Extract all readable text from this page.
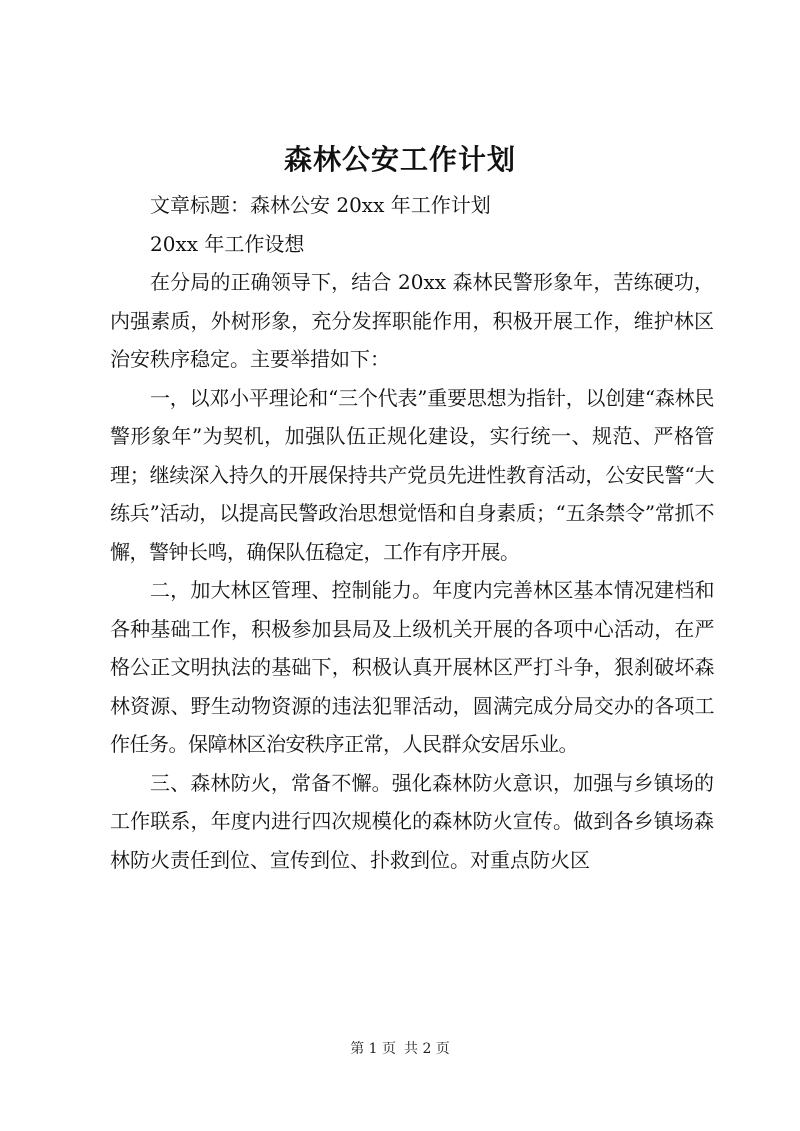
森林公安工作计划

文章标题：森林公安 20xx 年工作计划

20xx 年工作设想

在分局的正确领导下，结合 20xx 森林民警形象年，苦练硬功，内强素质，外树形象，充分发挥职能作用，积极开展工作，维护林区治安秩序稳定。主要举措如下：

一，以邓小平理论和“三个代表”重要思想为指针，以创建“森林民警形象年”为契机，加强队伍正规化建设，实行统一、规范、严格管理；继续深入持久的开展保持共产党员先进性教育活动，公安民警“大练兵”活动，以提高民警政治思想觉悟和自身素质；“五条禁令”常抓不懈，警钟长鸣，确保队伍稳定，工作有序开展。

二，加大林区管理、控制能力。年度内完善林区基本情况建档和各种基础工作，积极参加县局及上级机关开展的各项中心活动，在严格公正文明执法的基础下，积极认真开展林区严打斗争，狠刹破坏森林资源、野生动物资源的违法犯罪活动，圆满完成分局交办的各项工作任务。保障林区治安秩序正常，人民群众安居乐业。

三、森林防火，常备不懈。强化森林防火意识，加强与乡镇场的工作联系，年度内进行四次规模化的森林防火宣传。做到各乡镇场森林防火责任到位、宣传到位、扑救到位。对重点防火区

第 1 页 共 2 页
